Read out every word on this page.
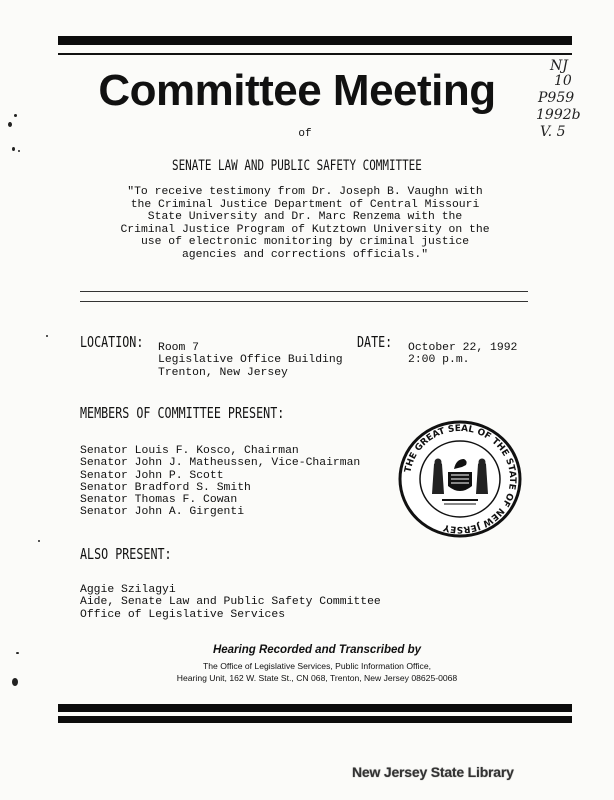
Committee Meeting
of
SENATE LAW AND PUBLIC SAFETY COMMITTEE
"To receive testimony from Dr. Joseph B. Vaughn with
the Criminal Justice Department of Central Missouri
State University and Dr. Marc Renzema with the
Criminal Justice Program of Kutztown University on the
use of electronic monitoring by criminal justice
agencies and corrections officials."
LOCATION:	Room 7
Legislative Office Building
Trenton, New Jersey
DATE:	October 22, 1992
2:00 p.m.
MEMBERS OF COMMITTEE PRESENT:
Senator Louis F. Kosco, Chairman
Senator John J. Matheussen, Vice-Chairman
Senator John P. Scott
Senator Bradford S. Smith
Senator Thomas F. Cowan
Senator John A. Girgenti
THE GREAT SEAL OF THE STATE OF NEW JERSEY
ALSO PRESENT:
Aggie Szilagyi
Aide, Senate Law and Public Safety Committee
Office of Legislative Services
Hearing Recorded and Transcribed by
The Office of Legislative Services, Public Information Office,
Hearing Unit, 162 W. State St., CN 068, Trenton, New Jersey 08625-0068
New Jersey State Library
NJ
10
P959
1992b
V. 5
